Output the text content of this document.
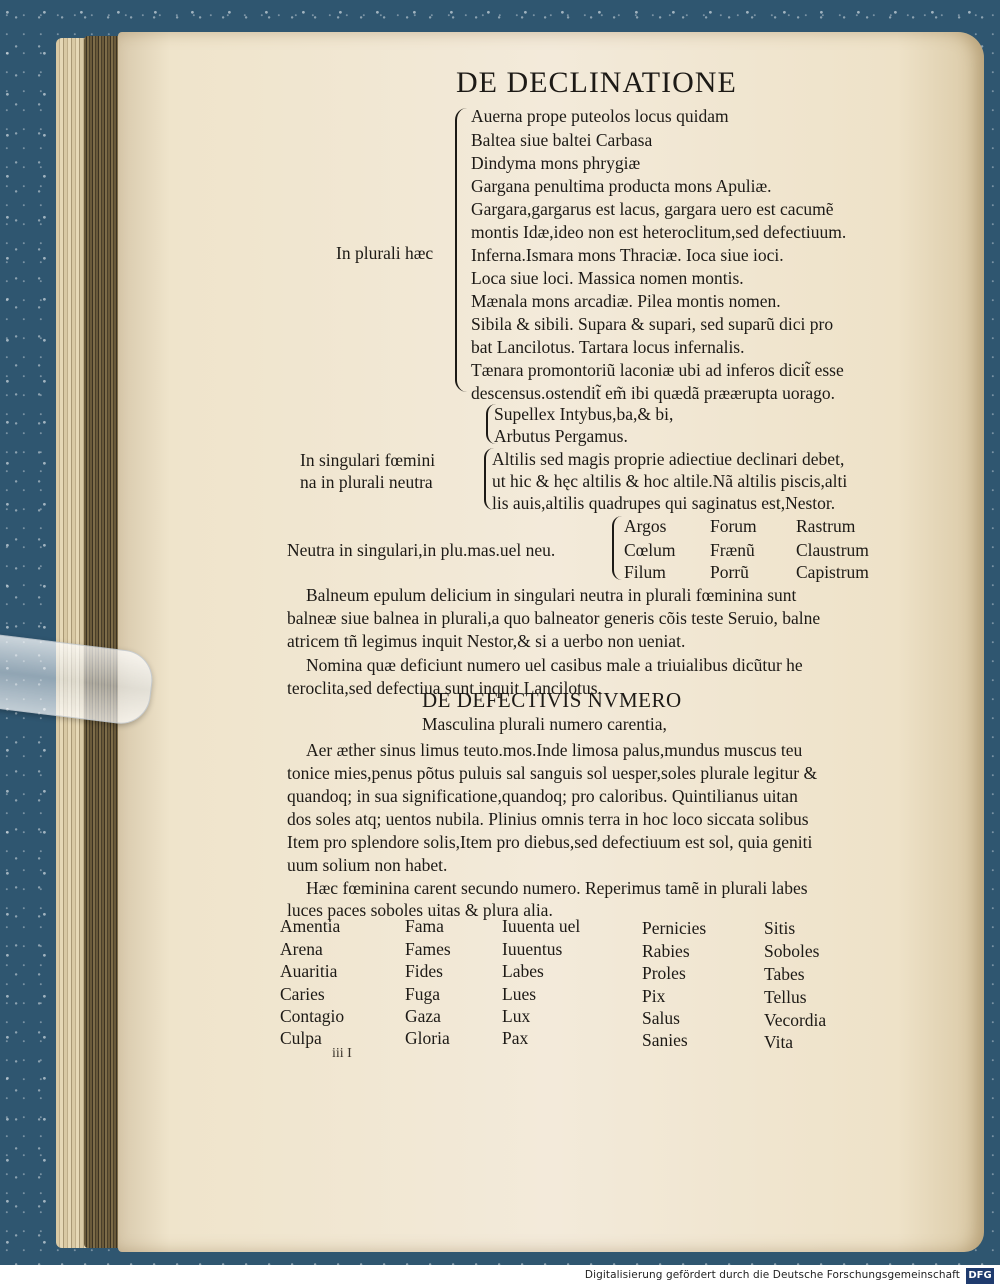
DE DECLINATIONE
In plurali hæc
Auerna prope puteolos locus quidam
Baltea siue baltei Carbasa
Dindyma mons phrygiæ
Gargana penultima producta mons Apuliæ.
Gargara,gargarus est lacus, gargara uero est cacumẽ
montis Idæ,ideo non est heteroclitum,sed defectiuum.
Inferna.Ismara mons Thraciæ. Ioca siue ioci.
Loca siue loci. Massica nomen montis.
Mænala mons arcadiæ. Pilea montis nomen.
Sibila & sibili. Supara & supari, sed suparũ dici pro
bat Lancilotus. Tartara locus infernalis.
Tænara promontoriũ laconiæ ubi ad inferos dicit̃ esse
descensus.ostendit̃ em̃ ibi quædã præærupta uorago.
Supellex Intybus,ba,& bi,
Arbutus Pergamus.
In singulari fœmini
na in plurali neutra
Altilis sed magis proprie adiectiue declinari debet,
ut hic & hęc altilis & hoc altile.Nã altilis piscis,alti
lis auis,altilis quadrupes qui saginatus est,Nestor.
Neutra in singulari,in plu.mas.uel neu.
Argos Forum Rastrum
Cœlum Frænũ Claustrum
Filum	Porrũ	Capistrum
Balneum epulum delicium in singulari neutra in plurali fœminina sunt
balneæ siue balnea in plurali,a quo balneator generis cõis teste Seruio, balne
atricem tñ legimus inquit Nestor,& si a uerbo non ueniat.
Nomina quæ deficiunt numero uel casibus male a triuialibus dicũtur he
teroclita,sed defectiua sunt inquit Lancilotus.
DE DEFECTIVIS NVMERO
Masculina plurali numero carentia,
Aer æther sinus limus teuto.mos.Inde limosa palus,mundus muscus teu
tonice mies,penus põtus puluis sal sanguis sol uesper,soles plurale legitur &
quandoq; in sua significatione,quandoq; pro caloribus. Quintilianus uitan
dos soles atq; uentos nubila. Plinius omnis terra in hoc loco siccata solibus
Item pro splendore solis,Item pro diebus,sed defectiuum est sol, quia geniti
uum solium non habet.
Hæc fœminina carent secundo numero. Reperimus tamẽ in plurali labes
luces paces soboles uitas & plura alia.
Amentia
Arena
Auaritia
Caries
Contagio
Culpa
Fama
Fames
Fides
Fuga
Gaza
Gloria
Iuuenta uel
Iuuentus
Labes
Lues
Lux
Pax
Pernicies
Rabies
Proles
Pix
Salus
Sanies
Sitis
Soboles
Tabes
Tellus
Vecordia
Vita
iii I
Digitalisierung gefördert durch die Deutsche Forschungsgemeinschaft DFG
